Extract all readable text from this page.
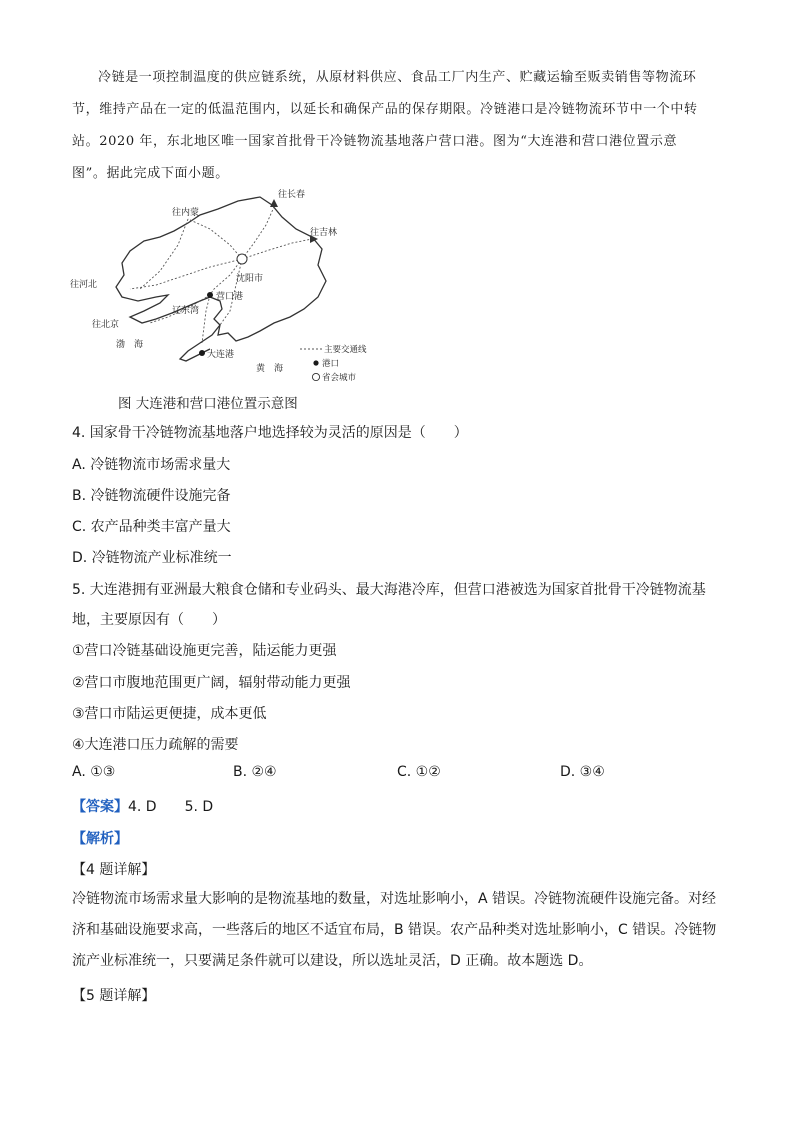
冷链是一项控制温度的供应链系统，从原材料供应、食品工厂内生产、贮藏运输至贩卖销售等物流环

节，维持产品在一定的低温范围内，以延长和确保产品的保存期限。冷链港口是冷链物流环节中一个中转
站。2020 年，东北地区唯一国家首批骨干冷链物流基地落户营口港。图为“大连港和营口港位置示意
图”。据此完成下面小题。
往长春
往内蒙
往吉林
沈阳市
往河北
营口港
辽东湾
往北京
渤　海
大连港
黄　海
主要交通线
港口
省会城市
图 大连港和营口港位置示意图
4. 国家骨干冷链物流基地落户地选择较为灵活的原因是（　　）
A. 冷链物流市场需求量大
B. 冷链物流硬件设施完备
C. 农产品种类丰富产量大
D. 冷链物流产业标准统一
5. 大连港拥有亚洲最大粮食仓储和专业码头、最大海港冷库，但营口港被选为国家首批骨干冷链物流基
地，主要原因有（　　）
①营口冷链基础设施更完善，陆运能力更强
②营口市腹地范围更广阔，辐射带动能力更强
③营口市陆运更便捷，成本更低
④大连港口压力疏解的需要
A. ①③	B. ②④	C. ①②	D. ③④
【答案】4. D　　5. D
【解析】
【4 题详解】
冷链物流市场需求量大影响的是物流基地的数量，对选址影响小，A 错误。冷链物流硬件设施完备。对经
济和基础设施要求高，一些落后的地区不适宜布局，B 错误。农产品种类对选址影响小，C 错误。冷链物
流产业标准统一，只要满足条件就可以建设，所以选址灵活，D 正确。故本题选 D。
【5 题详解】
